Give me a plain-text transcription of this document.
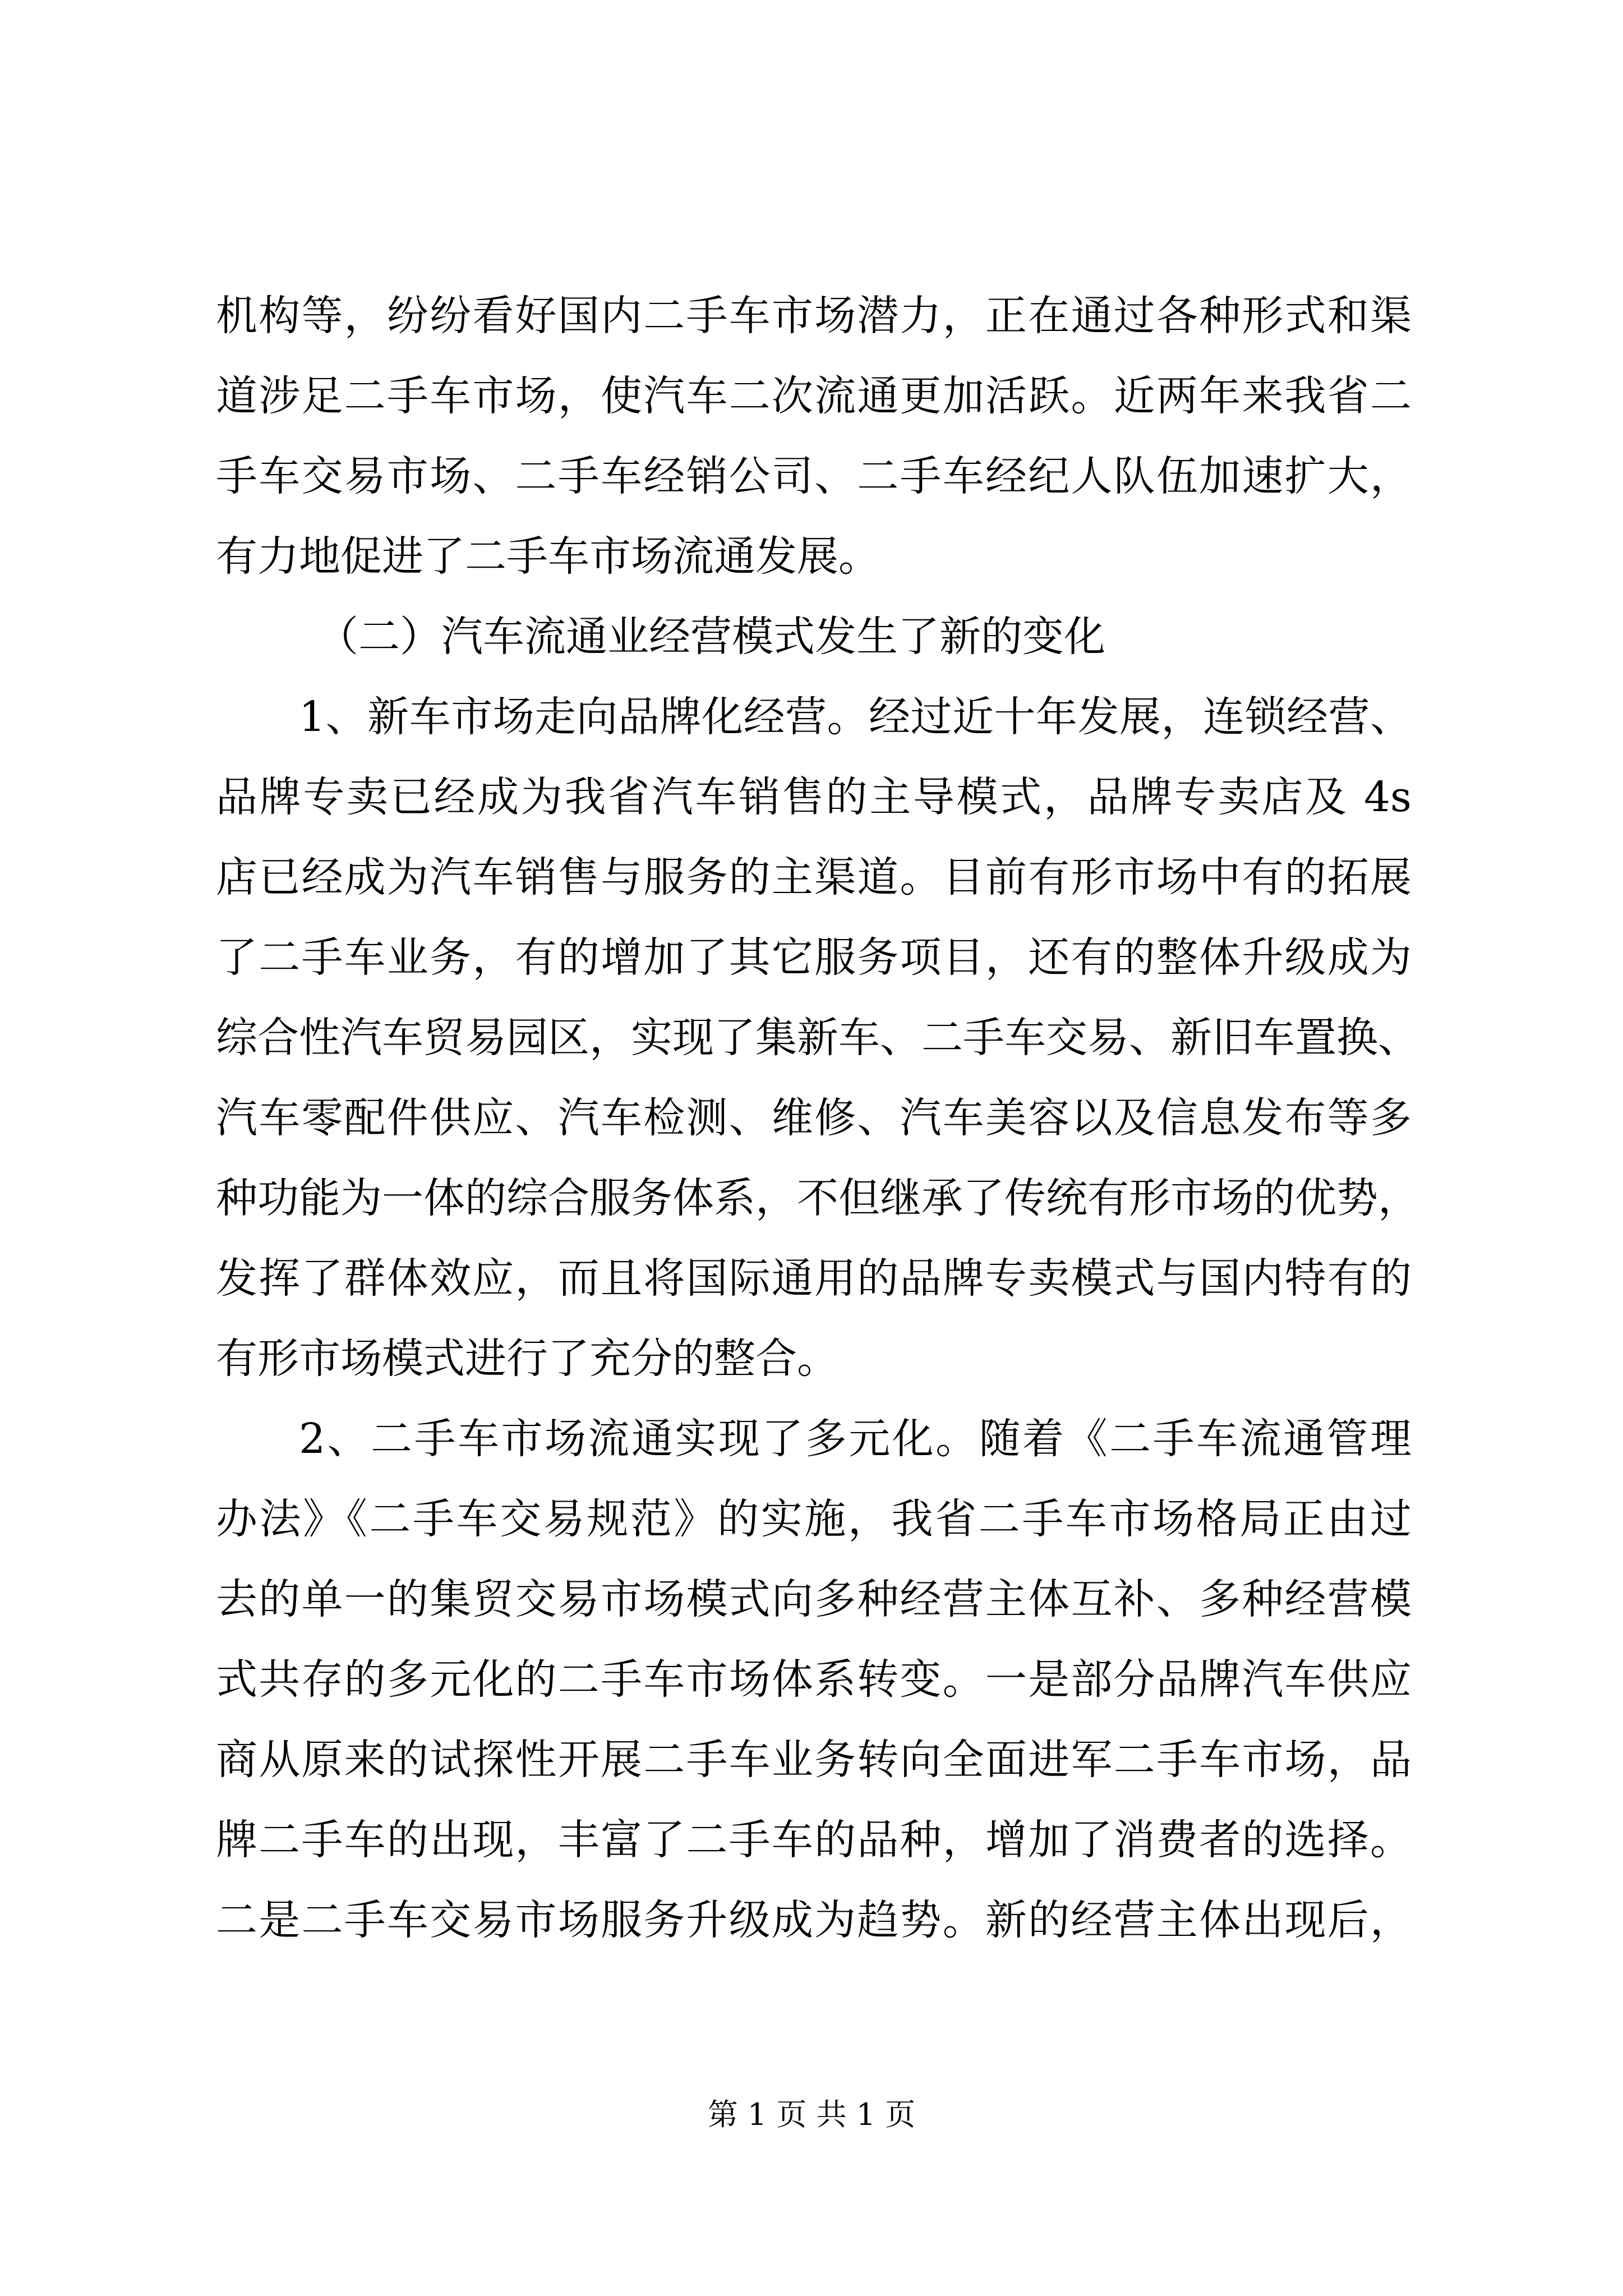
机构等，纷纷看好国内二手车市场潜力，正在通过各种形式和渠
道涉足二手车市场，使汽车二次流通更加活跃。近两年来我省二
手车交易市场、二手车经销公司、二手车经纪人队伍加速扩大，
有力地促进了二手车市场流通发展。
（二）汽车流通业经营模式发生了新的变化
1、新车市场走向品牌化经营。经过近十年发展，连锁经营、
品牌专卖已经成为我省汽车销售的主导模式，品牌专卖店及 4s
店已经成为汽车销售与服务的主渠道。目前有形市场中有的拓展
了二手车业务，有的增加了其它服务项目，还有的整体升级成为
综合性汽车贸易园区，实现了集新车、二手车交易、新旧车置换、
汽车零配件供应、汽车检测、维修、汽车美容以及信息发布等多
种功能为一体的综合服务体系，不但继承了传统有形市场的优势，
发挥了群体效应，而且将国际通用的品牌专卖模式与国内特有的
有形市场模式进行了充分的整合。
2、二手车市场流通实现了多元化。随着《二手车流通管理
办法》《二手车交易规范》的实施，我省二手车市场格局正由过
去的单一的集贸交易市场模式向多种经营主体互补、多种经营模
式共存的多元化的二手车市场体系转变。一是部分品牌汽车供应
商从原来的试探性开展二手车业务转向全面进军二手车市场，品
牌二手车的出现，丰富了二手车的品种，增加了消费者的选择。
二是二手车交易市场服务升级成为趋势。新的经营主体出现后，
第 1 页 共 1 页
